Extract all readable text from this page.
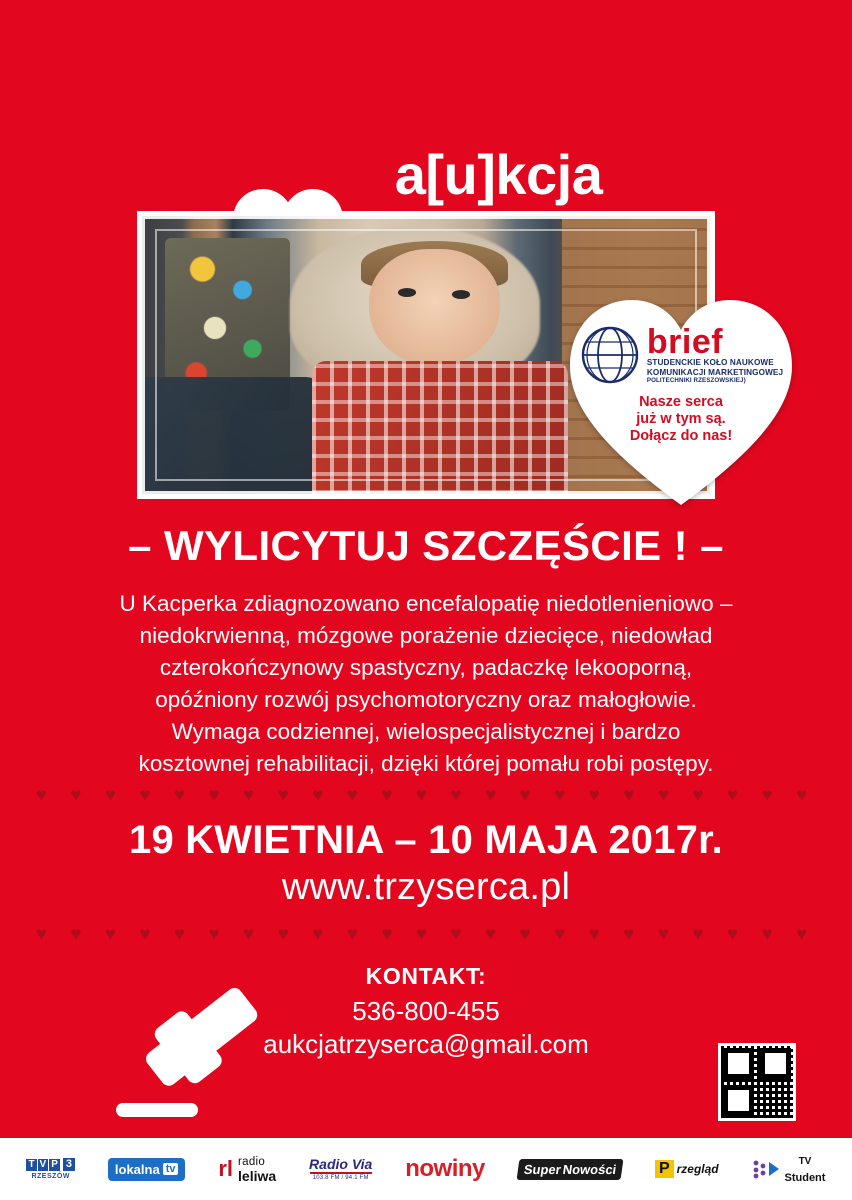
a[u]kcja

brief
STUDENCKIE KOŁO NAUKOWE
KOMUNIKACJI MARKETINGOWEJ
POLITECHNIKI RZESZOWSKIEJ)
Nasze serca
już w tym są.
Dołącz do nas!
– WYLICYTUJ SZCZĘŚCIE ! –

U Kacperka zdiagnozowano encefalopatię niedotlenieniowo –

niedokrwienną, mózgowe porażenie dziecięce, niedowład

czterokończynowy spastyczny, padaczkę lekooporną,

opóźniony rozwój psychomotoryczny oraz małogłowie.

Wymaga codziennej, wielospecjalistycznej i bardzo

kosztownej rehabilitacji, dzięki której pomału robi postępy.

♥ ♥ ♥ ♥ ♥ ♥ ♥ ♥ ♥ ♥ ♥ ♥ ♥ ♥ ♥ ♥ ♥ ♥ ♥ ♥ ♥ ♥ ♥
19 KWIETNIA – 10 MAJA 2017r.
www.trzyserca.pl
♥ ♥ ♥ ♥ ♥ ♥ ♥ ♥ ♥ ♥ ♥ ♥ ♥ ♥ ♥ ♥ ♥ ♥ ♥ ♥ ♥ ♥ ♥
KONTAKT:
536-800-455
aukcjatrzyserca@gmail.com
T V P 3
RZESZÓW	lokalna tv rl radio
leliwa
Radio Via
103.8 FM / 94.1 FM nowiny	Super Nowości	P rzegląd
TV
Student
